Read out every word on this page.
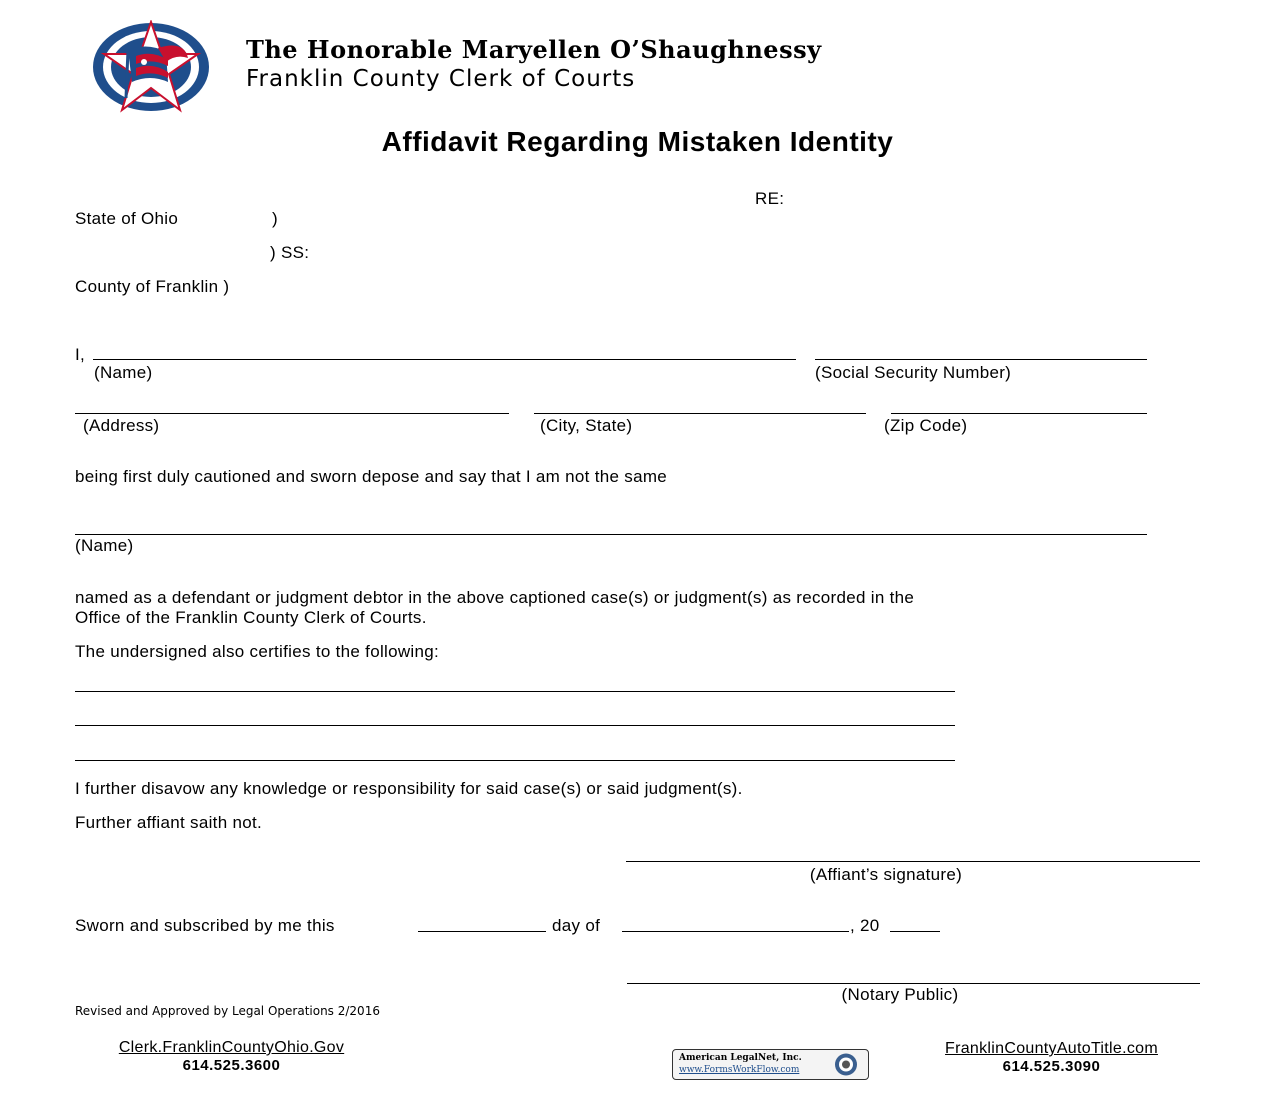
The Honorable Maryellen O’Shaughnessy
Franklin County Clerk of Courts
Affidavit Regarding Mistaken Identity
RE:
State of Ohio	)
) SS:
County of Franklin )
I,
(Name)	(Social Security Number)
(Address)	(City, State)	(Zip Code)
being first duly cautioned and sworn depose and say that I am not the same
(Name)
named as a defendant or judgment debtor in the above captioned case(s) or judgment(s) as recorded in the
Office of the Franklin County Clerk of Courts.
The undersigned also certifies to the following:
I further disavow any knowledge or responsibility for said case(s) or said judgment(s).
Further affiant saith not.
(Affiant’s signature)
Sworn and subscribed by me this	day of	, 20
(Notary Public)
Revised and Approved by Legal Operations 2/2016
Clerk.FranklinCountyOhio.Gov
614.525.3600	American LegalNet, Inc.
www.FormsWorkFlow.com
FranklinCountyAutoTitle.com
614.525.3090
